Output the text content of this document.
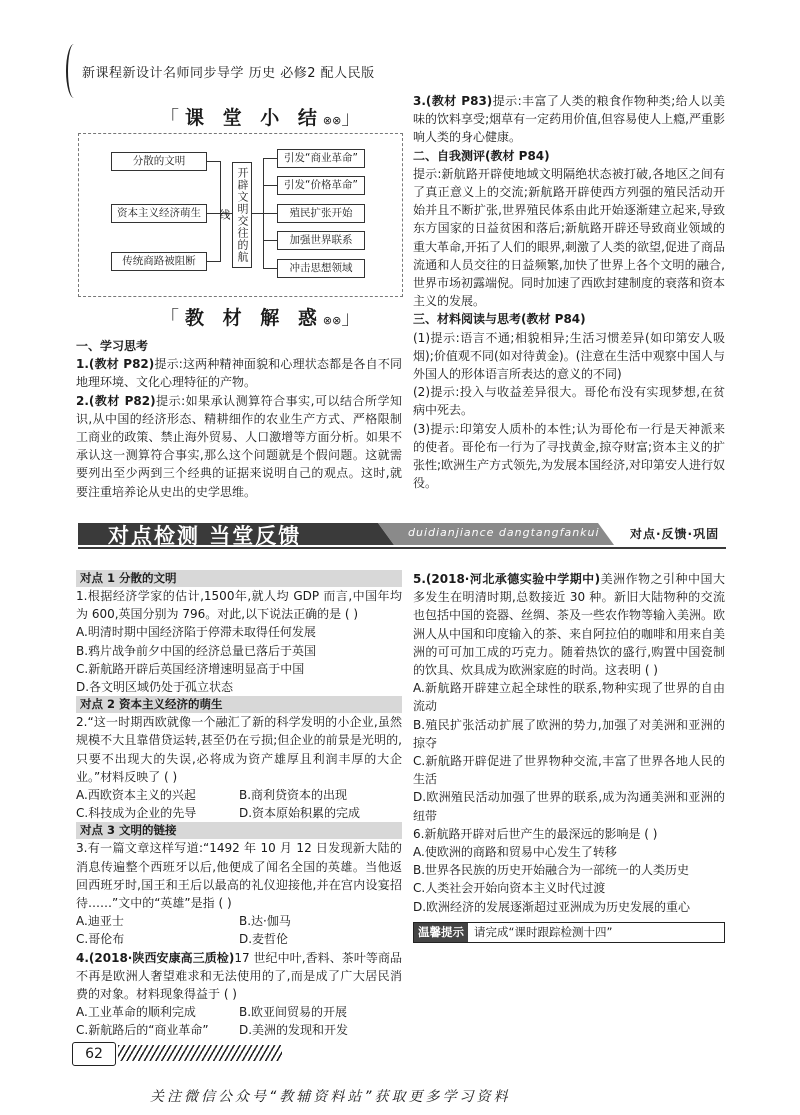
新课程新设计名师同步导学 历史 必修2 配人民版
「课 堂 小 结⊗⊗」
分散的文明
资本主义经济萌生
传统商路被阻断	开辟文明交往的航线
引发“商业革命”
引发“价格革命”
殖民扩张开始
加强世界联系
冲击思想领域
「教 材 解 惑⊗⊗」

一、学习思考

1.(教材 P82)提示:这两种精神面貌和心理状态都是各自不同地理环境、文化心理特征的产物。

2.(教材 P82)提示:如果承认测算符合事实,可以结合所学知识,从中国的经济形态、精耕细作的农业生产方式、严格限制工商业的政策、禁止海外贸易、人口激增等方面分析。如果不承认这一测算符合事实,那么这个问题就是个假问题。这就需要列出至少两到三个经典的证据来说明自己的观点。这时,就要注重培养论从史出的史学思维。

3.(教材 P83)提示:丰富了人类的粮食作物种类;给人以美味的饮料享受;烟草有一定药用价值,但容易使人上瘾,严重影响人类的身心健康。

二、自我测评(教材 P84)

提示:新航路开辟使地域文明隔绝状态被打破,各地区之间有了真正意义上的交流;新航路开辟使西方列强的殖民活动开始并且不断扩张,世界殖民体系由此开始逐渐建立起来,导致东方国家的日益贫困和落后;新航路开辟还导致商业领域的重大革命,开拓了人们的眼界,刺激了人类的欲望,促进了商品流通和人员交往的日益频繁,加快了世界上各个文明的融合,世界市场初露端倪。同时加速了西欧封建制度的衰落和资本主义的发展。

三、材料阅读与思考(教材 P84)

(1)提示:语言不通;相貌相异;生活习惯差异(如印第安人吸烟);价值观不同(如对待黄金)。(注意在生活中观察中国人与外国人的形体语言所表达的意义的不同)

(2)提示:投入与收益差异很大。哥伦布没有实现梦想,在贫病中死去。

(3)提示:印第安人质朴的本性;认为哥伦布一行是天神派来的使者。哥伦布一行为了寻找黄金,掠夺财富;资本主义的扩张性;欧洲生产方式领先,为发展本国经济,对印第安人进行奴役。

对点检测 当堂反馈	duidianjiance dangtangfankui	对点·反馈·巩固
对点 1 分散的文明

1.根据经济学家的估计,1500年,就人均 GDP 而言,中国年均为 600,英国分别为 796。对此,以下说法正确的是 ( )

A.明清时期中国经济陷于停滞未取得任何发展

B.鸦片战争前夕中国的经济总量已落后于英国

C.新航路开辟后英国经济增速明显高于中国

D.各文明区域仍处于孤立状态

对点 2 资本主义经济的萌生

2.“这一时期西欧就像一个融汇了新的科学发明的小企业,虽然规模不大且靠借贷运转,甚至仍在亏损;但企业的前景是光明的,只要不出现大的失误,必将成为资产雄厚且利润丰厚的大企业。”材料反映了 ( )

A.西欧资本主义的兴起	B.商利贷资本的出现
C.科技成为企业的先导	D.资本原始积累的完成
对点 3 文明的链接

3.有一篇文章这样写道:“1492 年 10 月 12 日发现新大陆的消息传遍整个西班牙以后,他便成了闻名全国的英雄。当他返回西班牙时,国王和王后以最高的礼仪迎接他,并在宫内设宴招待……”文中的“英雄”是指 ( )

A.迪亚士	B.达·伽马
C.哥伦布	D.麦哲伦

4.(2018·陕西安康高三质检)17 世纪中叶,香料、茶叶等商品不再是欧洲人奢望难求和无法使用的了,而是成了广大居民消费的对象。材料现象得益于 ( )

A.工业革命的顺利完成	B.欧亚间贸易的开展
C.新航路后的“商业革命”	D.美洲的发现和开发

5.(2018·河北承德实验中学期中)美洲作物之引种中国大多发生在明清时期,总数接近 30 种。新旧大陆物种的交流也包括中国的瓷器、丝绸、茶及一些农作物等输入美洲。欧洲人从中国和印度输入的茶、来自阿拉伯的咖啡和用来自美洲的可可加工成的巧克力。随着热饮的盛行,购置中国瓷制的饮具、炊具成为欧洲家庭的时尚。这表明 ( )

A.新航路开辟建立起全球性的联系,物种实现了世界的自由流动

B.殖民扩张活动扩展了欧洲的势力,加强了对美洲和亚洲的掠夺

C.新航路开辟促进了世界物种交流,丰富了世界各地人民的生活

D.欧洲殖民活动加强了世界的联系,成为沟通美洲和亚洲的纽带

6.新航路开辟对后世产生的最深远的影响是 ( )

A.使欧洲的商路和贸易中心发生了转移

B.世界各民族的历史开始融合为一部统一的人类历史

C.人类社会开始向资本主义时代过渡

D.欧洲经济的发展逐渐超过亚洲成为历史发展的重心

温馨提示 请完成“课时跟踪检测十四”
62
关注微信公众号“教辅资料站”获取更多学习资料
